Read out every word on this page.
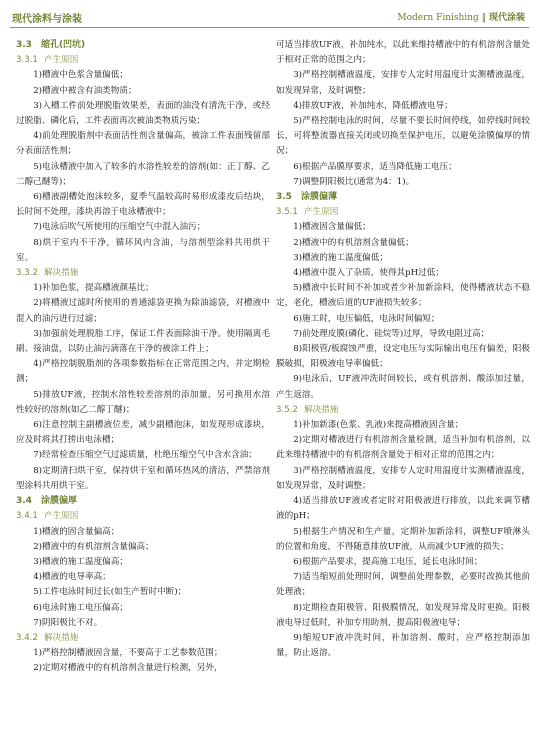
现代涂料与涂装	Modern Finishing ‖ 现代涂装

3.3　缩孔(凹坑)

3.3.1 产生原因

1)槽液中色浆含量偏低；

2)槽液中被含有油类物质；

3)入槽工件前处理脱脂效果差，表面的油没有清洗干净，或经过脱脂、磷化后，工件表面再次被油类物质污染；

4)前处理脱脂剂中表面活性剂含量偏高，被涂工件表面残留部分表面活性剂；

5)电泳槽液中加入了较多的水溶性较差的溶剂(如：正丁醇、乙二醇己醚等)；

6)槽液副槽处泡沫较多，夏季气温较高时易形成漆皮后结块，长时间不处理，漆块再溶于电泳槽液中；

7)电泳后吹气所使用的压缩空气中混入油污；

8)烘干室内不干净，循环风内含油，与溶剂型涂料共用烘干室。

3.3.2 解决措施

1)补加色浆，提高槽液颜基比；

2)将槽液过滤时所使用的普通滤袋更换为除油滤袋，对槽液中混入的油污进行过滤；

3)加强前处理脱脂工序，保证工件表面除油干净。使用隔离毛刷、接油盘，以防止油污滴落在干净的被涂工件上；

4)严格控制脱脂剂的各项参数指标在正常范围之内，并定期检测；

5)排放UF液，控制水溶性较差溶剂的添加量，另可换用水溶性较好的溶剂(如乙二醇丁醚)；

6)注意控制主副槽液位差，减少副槽泡沫，如发现形成漆块，应及时将其打捞出电泳槽；

7)经常检查压缩空气过滤质量，杜绝压缩空气中含水含油；

8)定期清扫烘干室，保持烘干室和循环热风的清洁，严禁溶剂型涂料共用烘干室。

3.4　涂膜偏厚

3.4.1 产生原因

1)槽液的固含量偏高；

2)槽液中的有机溶剂含量偏高；

3)槽液的施工温度偏高；

4)槽液的电导率高；

5)工件电泳时间过长(如生产暂时中断)；

6)电泳时施工电压偏高；

7)阴阳极比不对。

3.4.2 解决措施

1)严格控制槽液固含量，不要高于工艺参数范围；

2)定期对槽液中的有机溶剂含量进行检测，另外，

可适当排放UF液，补加纯水，以此来维持槽液中的有机溶剂含量处于相对正常的范围之内；

3)严格控制槽液温度，安排专人定时用温度计实测槽液温度，如发现异常，及时调整；

4)排放UF液，补加纯水，降低槽液电导；

5)严格控制电泳的时间，尽量不要长时间停线，如停线时间较长，可将整流器直接关闭或切换至保护电压，以避免涂膜偏厚的情况；

6)根据产品膜厚要求，适当降低施工电压；

7)调整阴阳极比(通常为4：1)。

3.5　涂膜偏薄

3.5.1 产生原因

1)槽液固含量偏低；

2)槽液中的有机溶剂含量偏低；

3)槽液的施工温度偏低；

4)槽液中混入了杂质，使得其pH过低；

5)槽液中长时间不补加或者少补加新涂料，使得槽液状态不稳定，老化，槽液后道的UF液损失较多；

6)施工时，电压偏低，电泳时间偏短；

7)前处理皮膜(磷化、硅烷等)过厚，导致电阻过高；

8)阳极管/板腐蚀严重，设定电压与实际输出电压有偏差，阳极膜破损，阳极液电导率偏低；

9)电泳后，UF液冲洗时间较长，或有机溶剂、酸添加过量，产生返溶。

3.5.2 解决措施

1)补加新漆(色浆、乳液)来提高槽液固含量；

2)定期对槽液进行有机溶剂含量检测，适当补加有机溶剂，以此来维持槽液中的有机溶剂含量处于相对正常的范围之内；

3)严格控制槽液温度，安排专人定时用温度计实测槽液温度，如发现异常，及时调整；

4)适当排放UF液或者定时对阳极液进行排放，以此来调节槽液的pH；

5)根据生产情况和生产量，定期补加新涂料，调整UF喷淋头的位置和角度，不得随意排放UF液，从而减少UF液的损失；

6)根据产品要求，提高施工电压，延长电泳时间；

7)适当缩短前处理时间，调整前处理参数，必要时改换其他前处理液；

8)定期检查阳极管、阳极膜情况，如发现异常及时更换。阳极液电导过低时，补加专用助剂，提高阳极液电导；

9)缩短UF液冲洗时间，补加溶剂、酸时，应严格控制添加量，防止返溶。
